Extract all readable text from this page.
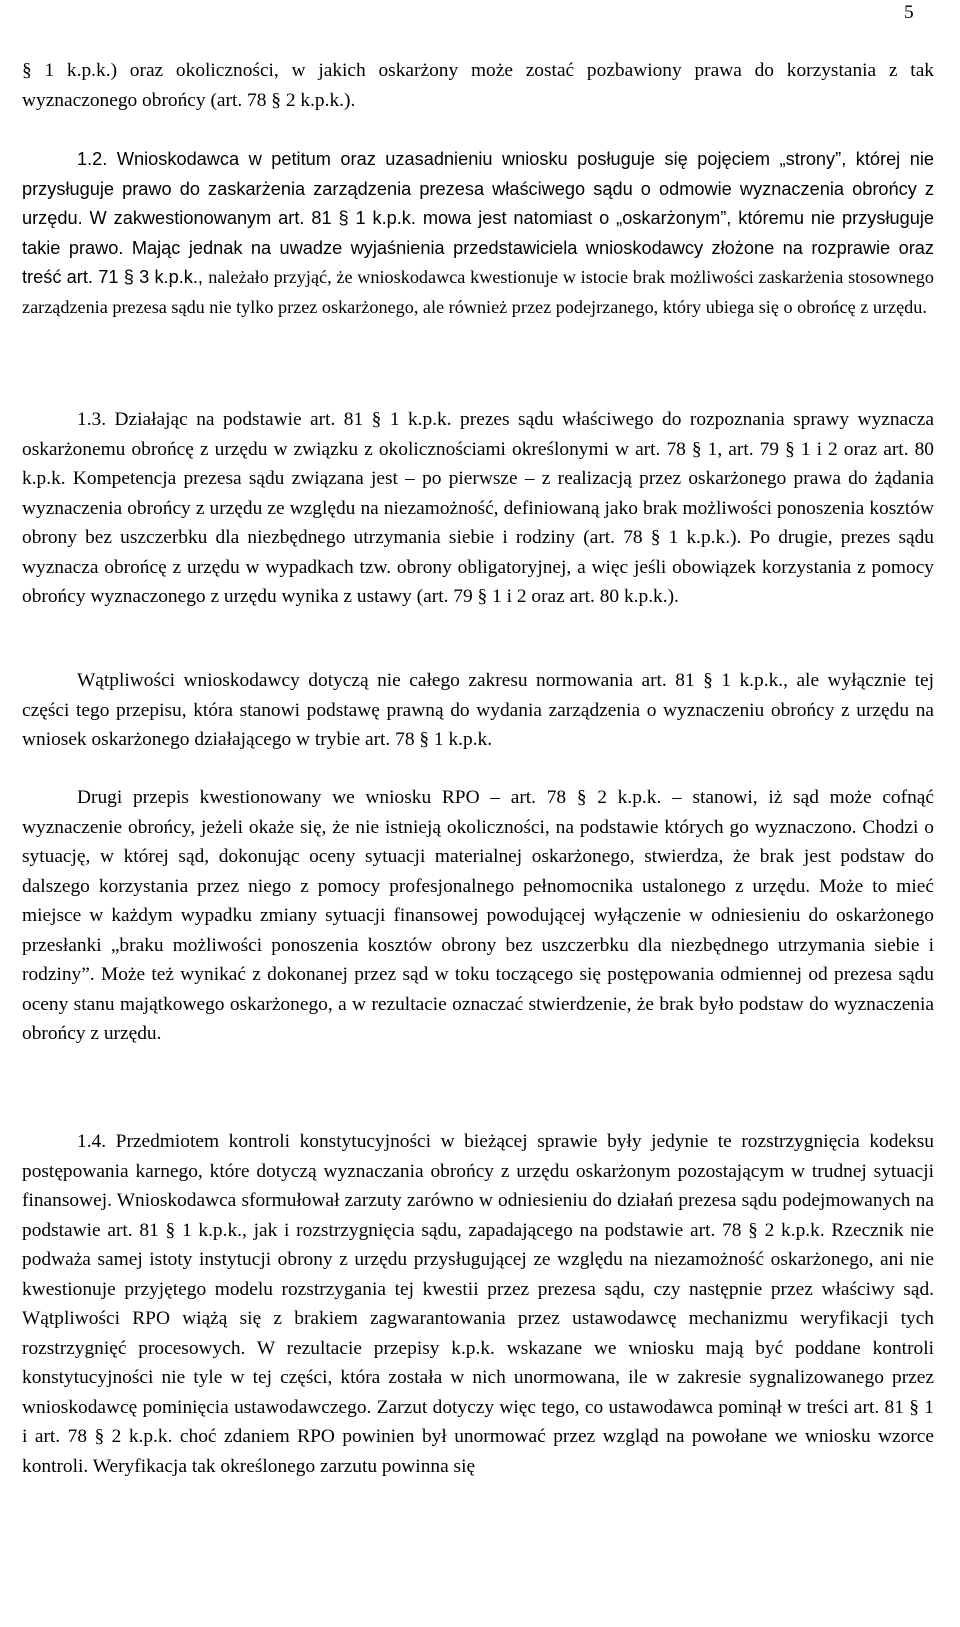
5

§ 1 k.p.k.) oraz okoliczności, w jakich oskarżony może zostać pozbawiony prawa do korzystania z tak wyznaczonego obrońcy (art. 78 § 2 k.p.k.).

1.2. Wnioskodawca w petitum oraz uzasadnieniu wniosku posługuje się pojęciem „strony”, której nie przysługuje prawo do zaskarżenia zarządzenia prezesa właściwego sądu o odmowie wyznaczenia obrońcy z urzędu. W zakwestionowanym art. 81 § 1 k.p.k. mowa jest natomiast o „oskarżonym”, któremu nie przysługuje takie prawo. Mając jednak na uwadze wyjaśnienia przedstawiciela wnioskodawcy złożone na rozprawie oraz treść art. 71 § 3 k.p.k., należało przyjąć, że wnioskodawca kwestionuje w istocie brak możliwości zaskarżenia stosownego zarządzenia prezesa sądu nie tylko przez oskarżonego, ale również przez podejrzanego, który ubiega się o obrońcę z urzędu.

1.3. Działając na podstawie art. 81 § 1 k.p.k. prezes sądu właściwego do rozpoznania sprawy wyznacza oskarżonemu obrońcę z urzędu w związku z okolicznościami określonymi w art. 78 § 1, art. 79 § 1 i 2 oraz art. 80 k.p.k. Kompetencja prezesa sądu związana jest – po pierwsze – z realizacją przez oskarżonego prawa do żądania wyznaczenia obrońcy z urzędu ze względu na niezamożność, definiowaną jako brak możliwości ponoszenia kosztów obrony bez uszczerbku dla niezbędnego utrzymania siebie i rodziny (art. 78 § 1 k.p.k.). Po drugie, prezes sądu wyznacza obrońcę z urzędu w wypadkach tzw. obrony obligatoryjnej, a więc jeśli obowiązek korzystania z pomocy obrońcy wyznaczonego z urzędu wynika z ustawy (art. 79 § 1 i 2 oraz art. 80 k.p.k.).

Wątpliwości wnioskodawcy dotyczą nie całego zakresu normowania art. 81 § 1 k.p.k., ale wyłącznie tej części tego przepisu, która stanowi podstawę prawną do wydania zarządzenia o wyznaczeniu obrońcy z urzędu na wniosek oskarżonego działającego w trybie art. 78 § 1 k.p.k.

Drugi przepis kwestionowany we wniosku RPO – art. 78 § 2 k.p.k. – stanowi, iż sąd może cofnąć wyznaczenie obrońcy, jeżeli okaże się, że nie istnieją okoliczności, na podstawie których go wyznaczono. Chodzi o sytuację, w której sąd, dokonując oceny sytuacji materialnej oskarżonego, stwierdza, że brak jest podstaw do dalszego korzystania przez niego z pomocy profesjonalnego pełnomocnika ustalonego z urzędu. Może to mieć miejsce w każdym wypadku zmiany sytuacji finansowej powodującej wyłączenie w odniesieniu do oskarżonego przesłanki „braku możliwości ponoszenia kosztów obrony bez uszczerbku dla niezbędnego utrzymania siebie i rodziny”. Może też wynikać z dokonanej przez sąd w toku toczącego się postępowania odmiennej od prezesa sądu oceny stanu majątkowego oskarżonego, a w rezultacie oznaczać stwierdzenie, że brak było podstaw do wyznaczenia obrońcy z urzędu.

1.4. Przedmiotem kontroli konstytucyjności w bieżącej sprawie były jedynie te rozstrzygnięcia kodeksu postępowania karnego, które dotyczą wyznaczania obrońcy z urzędu oskarżonym pozostającym w trudnej sytuacji finansowej. Wnioskodawca sformułował zarzuty zarówno w odniesieniu do działań prezesa sądu podejmowanych na podstawie art. 81 § 1 k.p.k., jak i rozstrzygnięcia sądu, zapadającego na podstawie art. 78 § 2 k.p.k. Rzecznik nie podważa samej istoty instytucji obrony z urzędu przysługującej ze względu na niezamożność oskarżonego, ani nie kwestionuje przyjętego modelu rozstrzygania tej kwestii przez prezesa sądu, czy następnie przez właściwy sąd. Wątpliwości RPO wiążą się z brakiem zagwarantowania przez ustawodawcę mechanizmu weryfikacji tych rozstrzygnięć procesowych. W rezultacie przepisy k.p.k. wskazane we wniosku mają być poddane kontroli konstytucyjności nie tyle w tej części, która została w nich unormowana, ile w zakresie sygnalizowanego przez wnioskodawcę pominięcia ustawodawczego. Zarzut dotyczy więc tego, co ustawodawca pominął w treści art. 81 § 1 i art. 78 § 2 k.p.k. choć zdaniem RPO powinien był unormować przez wzgląd na powołane we wniosku wzorce kontroli. Weryfikacja tak określonego zarzutu powinna się
